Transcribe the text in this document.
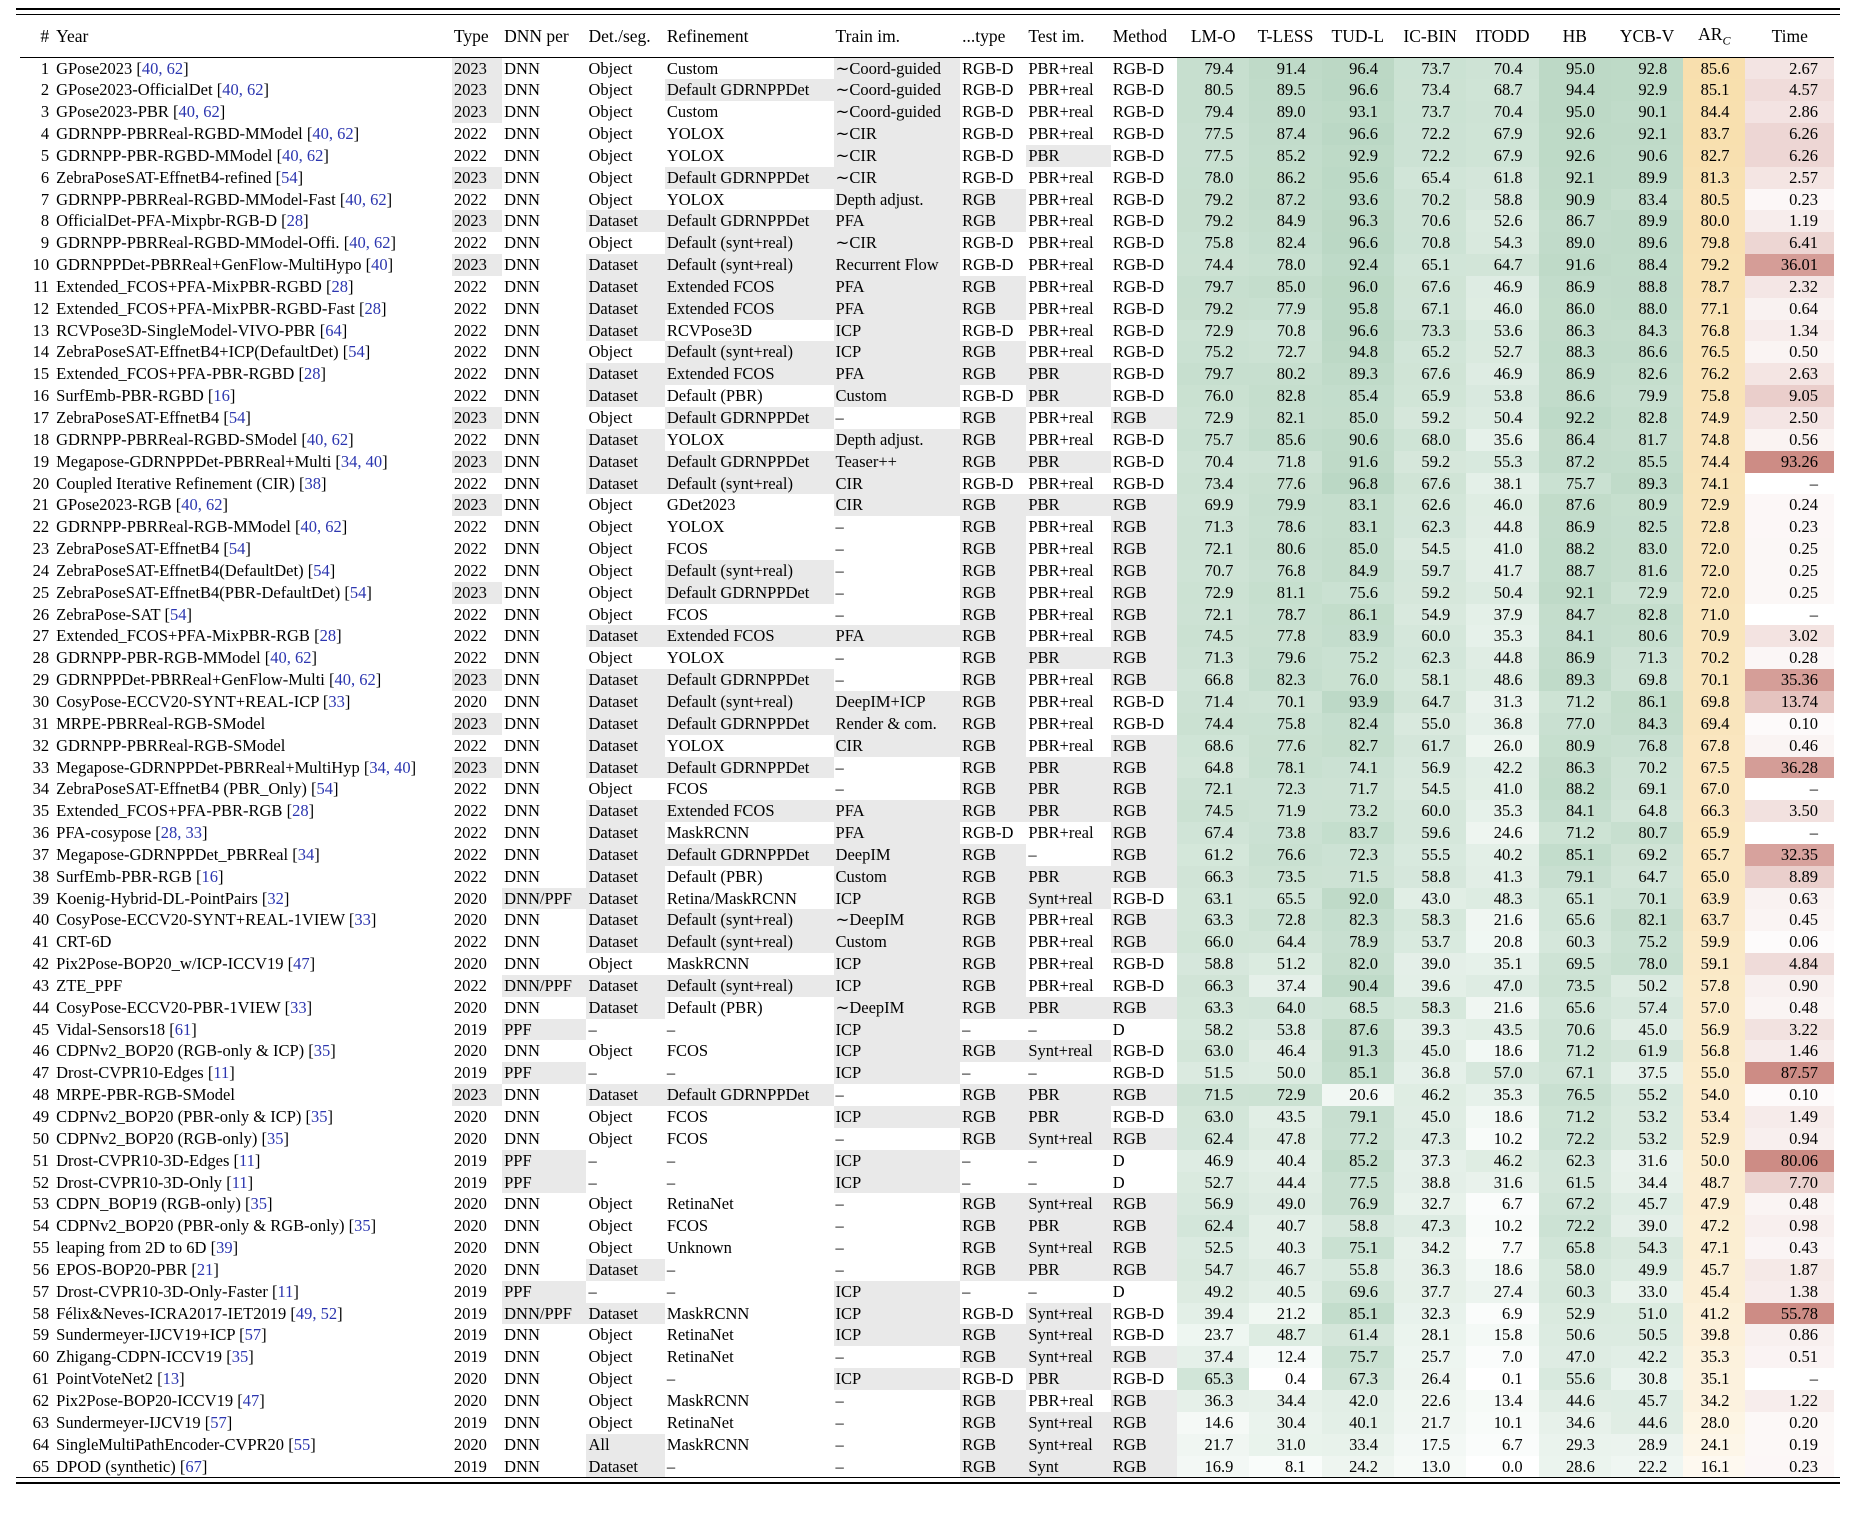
#	Year	Type	DNN per	Det./seg.	Refinement	Train im.	...type	Test im.	Method	LM-O	T-LESS	TUD-L	IC-BIN	ITODD	HB	YCB-V	$AR_C$	Time
1	GPose2023 [40, 62]	2023	DNN	Object	Custom	∼Coord-guided	RGB-D	PBR+real	RGB-D	79.4	91.4	96.4	73.7	70.4	95.0	92.8	85.6	2.67
2	GPose2023-OfficialDet [40, 62]	2023	DNN	Object	Default GDRNPPDet	∼Coord-guided	RGB-D	PBR+real	RGB-D	80.5	89.5	96.6	73.4	68.7	94.4	92.9	85.1	4.57
3	GPose2023-PBR [40, 62]	2023	DNN	Object	Custom	∼Coord-guided	RGB-D	PBR+real	RGB-D	79.4	89.0	93.1	73.7	70.4	95.0	90.1	84.4	2.86
4	GDRNPP-PBRReal-RGBD-MModel [40, 62]	2022	DNN	Object	YOLOX	∼CIR	RGB-D	PBR+real	RGB-D	77.5	87.4	96.6	72.2	67.9	92.6	92.1	83.7	6.26
5	GDRNPP-PBR-RGBD-MModel [40, 62]	2022	DNN	Object	YOLOX	∼CIR	RGB-D	PBR	RGB-D	77.5	85.2	92.9	72.2	67.9	92.6	90.6	82.7	6.26
6	ZebraPoseSAT-EffnetB4-refined [54]	2023	DNN	Object	Default GDRNPPDet	∼CIR	RGB-D	PBR+real	RGB-D	78.0	86.2	95.6	65.4	61.8	92.1	89.9	81.3	2.57
7	GDRNPP-PBRReal-RGBD-MModel-Fast [40, 62]	2022	DNN	Object	YOLOX	Depth adjust.	RGB	PBR+real	RGB-D	79.2	87.2	93.6	70.2	58.8	90.9	83.4	80.5	0.23
8	OfficialDet-PFA-Mixpbr-RGB-D [28]	2023	DNN	Dataset	Default GDRNPPDet	PFA	RGB	PBR+real	RGB-D	79.2	84.9	96.3	70.6	52.6	86.7	89.9	80.0	1.19
9	GDRNPP-PBRReal-RGBD-MModel-Offi. [40, 62]	2022	DNN	Object	Default (synt+real)	∼CIR	RGB-D	PBR+real	RGB-D	75.8	82.4	96.6	70.8	54.3	89.0	89.6	79.8	6.41
10	GDRNPPDet-PBRReal+GenFlow-MultiHypo [40]	2023	DNN	Dataset	Default (synt+real)	Recurrent Flow	RGB-D	PBR+real	RGB-D	74.4	78.0	92.4	65.1	64.7	91.6	88.4	79.2	36.01
11	Extended_FCOS+PFA-MixPBR-RGBD [28]	2022	DNN	Dataset	Extended FCOS	PFA	RGB	PBR+real	RGB-D	79.7	85.0	96.0	67.6	46.9	86.9	88.8	78.7	2.32
12	Extended_FCOS+PFA-MixPBR-RGBD-Fast [28]	2022	DNN	Dataset	Extended FCOS	PFA	RGB	PBR+real	RGB-D	79.2	77.9	95.8	67.1	46.0	86.0	88.0	77.1	0.64
13	RCVPose3D-SingleModel-VIVO-PBR [64]	2022	DNN	Dataset	RCVPose3D	ICP	RGB-D	PBR+real	RGB-D	72.9	70.8	96.6	73.3	53.6	86.3	84.3	76.8	1.34
14	ZebraPoseSAT-EffnetB4+ICP(DefaultDet) [54]	2022	DNN	Object	Default (synt+real)	ICP	RGB	PBR+real	RGB-D	75.2	72.7	94.8	65.2	52.7	88.3	86.6	76.5	0.50
15	Extended_FCOS+PFA-PBR-RGBD [28]	2022	DNN	Dataset	Extended FCOS	PFA	RGB	PBR	RGB-D	79.7	80.2	89.3	67.6	46.9	86.9	82.6	76.2	2.63
16	SurfEmb-PBR-RGBD [16]	2022	DNN	Dataset	Default (PBR)	Custom	RGB-D	PBR	RGB-D	76.0	82.8	85.4	65.9	53.8	86.6	79.9	75.8	9.05
17	ZebraPoseSAT-EffnetB4 [54]	2023	DNN	Object	Default GDRNPPDet	–	RGB	PBR+real	RGB	72.9	82.1	85.0	59.2	50.4	92.2	82.8	74.9	2.50
18	GDRNPP-PBRReal-RGBD-SModel [40, 62]	2022	DNN	Dataset	YOLOX	Depth adjust.	RGB	PBR+real	RGB-D	75.7	85.6	90.6	68.0	35.6	86.4	81.7	74.8	0.56
19	Megapose-GDRNPPDet-PBRReal+Multi [34, 40]	2023	DNN	Dataset	Default GDRNPPDet	Teaser++	RGB	PBR	RGB-D	70.4	71.8	91.6	59.2	55.3	87.2	85.5	74.4	93.26
20	Coupled Iterative Refinement (CIR) [38]	2022	DNN	Dataset	Default (synt+real)	CIR	RGB-D	PBR+real	RGB-D	73.4	77.6	96.8	67.6	38.1	75.7	89.3	74.1	–
21	GPose2023-RGB [40, 62]	2023	DNN	Object	GDet2023	CIR	RGB	PBR	RGB	69.9	79.9	83.1	62.6	46.0	87.6	80.9	72.9	0.24
22	GDRNPP-PBRReal-RGB-MModel [40, 62]	2022	DNN	Object	YOLOX	–	RGB	PBR+real	RGB	71.3	78.6	83.1	62.3	44.8	86.9	82.5	72.8	0.23
23	ZebraPoseSAT-EffnetB4 [54]	2022	DNN	Object	FCOS	–	RGB	PBR+real	RGB	72.1	80.6	85.0	54.5	41.0	88.2	83.0	72.0	0.25
24	ZebraPoseSAT-EffnetB4(DefaultDet) [54]	2022	DNN	Object	Default (synt+real)	–	RGB	PBR+real	RGB	70.7	76.8	84.9	59.7	41.7	88.7	81.6	72.0	0.25
25	ZebraPoseSAT-EffnetB4(PBR-DefaultDet) [54]	2023	DNN	Object	Default GDRNPPDet	–	RGB	PBR+real	RGB	72.9	81.1	75.6	59.2	50.4	92.1	72.9	72.0	0.25
26	ZebraPose-SAT [54]	2022	DNN	Object	FCOS	–	RGB	PBR+real	RGB	72.1	78.7	86.1	54.9	37.9	84.7	82.8	71.0	–
27	Extended_FCOS+PFA-MixPBR-RGB [28]	2022	DNN	Dataset	Extended FCOS	PFA	RGB	PBR+real	RGB	74.5	77.8	83.9	60.0	35.3	84.1	80.6	70.9	3.02
28	GDRNPP-PBR-RGB-MModel [40, 62]	2022	DNN	Object	YOLOX	–	RGB	PBR	RGB	71.3	79.6	75.2	62.3	44.8	86.9	71.3	70.2	0.28
29	GDRNPPDet-PBRReal+GenFlow-Multi [40, 62]	2023	DNN	Dataset	Default GDRNPPDet	–	RGB	PBR+real	RGB	66.8	82.3	76.0	58.1	48.6	89.3	69.8	70.1	35.36
30	CosyPose-ECCV20-SYNT+REAL-ICP [33]	2020	DNN	Dataset	Default (synt+real)	DeepIM+ICP	RGB	PBR+real	RGB-D	71.4	70.1	93.9	64.7	31.3	71.2	86.1	69.8	13.74
31	MRPE-PBRReal-RGB-SModel	2023	DNN	Dataset	Default GDRNPPDet	Render & com.	RGB	PBR+real	RGB-D	74.4	75.8	82.4	55.0	36.8	77.0	84.3	69.4	0.10
32	GDRNPP-PBRReal-RGB-SModel	2022	DNN	Dataset	YOLOX	CIR	RGB	PBR+real	RGB	68.6	77.6	82.7	61.7	26.0	80.9	76.8	67.8	0.46
33	Megapose-GDRNPPDet-PBRReal+MultiHyp [34, 40]	2023	DNN	Dataset	Default GDRNPPDet	–	RGB	PBR	RGB	64.8	78.1	74.1	56.9	42.2	86.3	70.2	67.5	36.28
34	ZebraPoseSAT-EffnetB4 (PBR_Only) [54]	2022	DNN	Object	FCOS	–	RGB	PBR	RGB	72.1	72.3	71.7	54.5	41.0	88.2	69.1	67.0	–
35	Extended_FCOS+PFA-PBR-RGB [28]	2022	DNN	Dataset	Extended FCOS	PFA	RGB	PBR	RGB	74.5	71.9	73.2	60.0	35.3	84.1	64.8	66.3	3.50
36	PFA-cosypose [28, 33]	2022	DNN	Dataset	MaskRCNN	PFA	RGB-D	PBR+real	RGB	67.4	73.8	83.7	59.6	24.6	71.2	80.7	65.9	–
37	Megapose-GDRNPPDet_PBRReal [34]	2022	DNN	Dataset	Default GDRNPPDet	DeepIM	RGB	–	RGB	61.2	76.6	72.3	55.5	40.2	85.1	69.2	65.7	32.35
38	SurfEmb-PBR-RGB [16]	2022	DNN	Dataset	Default (PBR)	Custom	RGB	PBR	RGB	66.3	73.5	71.5	58.8	41.3	79.1	64.7	65.0	8.89
39	Koenig-Hybrid-DL-PointPairs [32]	2020	DNN/PPF	Dataset	Retina/MaskRCNN	ICP	RGB	Synt+real	RGB-D	63.1	65.5	92.0	43.0	48.3	65.1	70.1	63.9	0.63
40	CosyPose-ECCV20-SYNT+REAL-1VIEW [33]	2020	DNN	Dataset	Default (synt+real)	∼DeepIM	RGB	PBR+real	RGB	63.3	72.8	82.3	58.3	21.6	65.6	82.1	63.7	0.45
41	CRT-6D	2022	DNN	Dataset	Default (synt+real)	Custom	RGB	PBR+real	RGB	66.0	64.4	78.9	53.7	20.8	60.3	75.2	59.9	0.06
42	Pix2Pose-BOP20_w/ICP-ICCV19 [47]	2020	DNN	Object	MaskRCNN	ICP	RGB	PBR+real	RGB-D	58.8	51.2	82.0	39.0	35.1	69.5	78.0	59.1	4.84
43	ZTE_PPF	2022	DNN/PPF	Dataset	Default (synt+real)	ICP	RGB	PBR+real	RGB-D	66.3	37.4	90.4	39.6	47.0	73.5	50.2	57.8	0.90
44	CosyPose-ECCV20-PBR-1VIEW [33]	2020	DNN	Dataset	Default (PBR)	∼DeepIM	RGB	PBR	RGB	63.3	64.0	68.5	58.3	21.6	65.6	57.4	57.0	0.48
45	Vidal-Sensors18 [61]	2019	PPF	–	–	ICP	–	–	D	58.2	53.8	87.6	39.3	43.5	70.6	45.0	56.9	3.22
46	CDPNv2_BOP20 (RGB-only & ICP) [35]	2020	DNN	Object	FCOS	ICP	RGB	Synt+real	RGB-D	63.0	46.4	91.3	45.0	18.6	71.2	61.9	56.8	1.46
47	Drost-CVPR10-Edges [11]	2019	PPF	–	–	ICP	–	–	RGB-D	51.5	50.0	85.1	36.8	57.0	67.1	37.5	55.0	87.57
48	MRPE-PBR-RGB-SModel	2023	DNN	Dataset	Default GDRNPPDet	–	RGB	PBR	RGB	71.5	72.9	20.6	46.2	35.3	76.5	55.2	54.0	0.10
49	CDPNv2_BOP20 (PBR-only & ICP) [35]	2020	DNN	Object	FCOS	ICP	RGB	PBR	RGB-D	63.0	43.5	79.1	45.0	18.6	71.2	53.2	53.4	1.49
50	CDPNv2_BOP20 (RGB-only) [35]	2020	DNN	Object	FCOS	–	RGB	Synt+real	RGB	62.4	47.8	77.2	47.3	10.2	72.2	53.2	52.9	0.94
51	Drost-CVPR10-3D-Edges [11]	2019	PPF	–	–	ICP	–	–	D	46.9	40.4	85.2	37.3	46.2	62.3	31.6	50.0	80.06
52	Drost-CVPR10-3D-Only [11]	2019	PPF	–	–	ICP	–	–	D	52.7	44.4	77.5	38.8	31.6	61.5	34.4	48.7	7.70
53	CDPN_BOP19 (RGB-only) [35]	2020	DNN	Object	RetinaNet	–	RGB	Synt+real	RGB	56.9	49.0	76.9	32.7	6.7	67.2	45.7	47.9	0.48
54	CDPNv2_BOP20 (PBR-only & RGB-only) [35]	2020	DNN	Object	FCOS	–	RGB	PBR	RGB	62.4	40.7	58.8	47.3	10.2	72.2	39.0	47.2	0.98
55	leaping from 2D to 6D [39]	2020	DNN	Object	Unknown	–	RGB	Synt+real	RGB	52.5	40.3	75.1	34.2	7.7	65.8	54.3	47.1	0.43
56	EPOS-BOP20-PBR [21]	2020	DNN	Dataset	–	–	RGB	PBR	RGB	54.7	46.7	55.8	36.3	18.6	58.0	49.9	45.7	1.87
57	Drost-CVPR10-3D-Only-Faster [11]	2019	PPF	–	–	ICP	–	–	D	49.2	40.5	69.6	37.7	27.4	60.3	33.0	45.4	1.38
58	Félix&Neves-ICRA2017-IET2019 [49, 52]	2019	DNN/PPF	Dataset	MaskRCNN	ICP	RGB-D	Synt+real	RGB-D	39.4	21.2	85.1	32.3	6.9	52.9	51.0	41.2	55.78
59	Sundermeyer-IJCV19+ICP [57]	2019	DNN	Object	RetinaNet	ICP	RGB	Synt+real	RGB-D	23.7	48.7	61.4	28.1	15.8	50.6	50.5	39.8	0.86
60	Zhigang-CDPN-ICCV19 [35]	2019	DNN	Object	RetinaNet	–	RGB	Synt+real	RGB	37.4	12.4	75.7	25.7	7.0	47.0	42.2	35.3	0.51
61	PointVoteNet2 [13]	2020	DNN	Object	–	ICP	RGB-D	PBR	RGB-D	65.3	0.4	67.3	26.4	0.1	55.6	30.8	35.1	–
62	Pix2Pose-BOP20-ICCV19 [47]	2020	DNN	Object	MaskRCNN	–	RGB	PBR+real	RGB	36.3	34.4	42.0	22.6	13.4	44.6	45.7	34.2	1.22
63	Sundermeyer-IJCV19 [57]	2019	DNN	Object	RetinaNet	–	RGB	Synt+real	RGB	14.6	30.4	40.1	21.7	10.1	34.6	44.6	28.0	0.20
64	SingleMultiPathEncoder-CVPR20 [55]	2020	DNN	All	MaskRCNN	–	RGB	Synt+real	RGB	21.7	31.0	33.4	17.5	6.7	29.3	28.9	24.1	0.19
65	DPOD (synthetic) [67]	2019	DNN	Dataset	–	–	RGB	Synt	RGB	16.9	8.1	24.2	13.0	0.0	28.6	22.2	16.1	0.23
